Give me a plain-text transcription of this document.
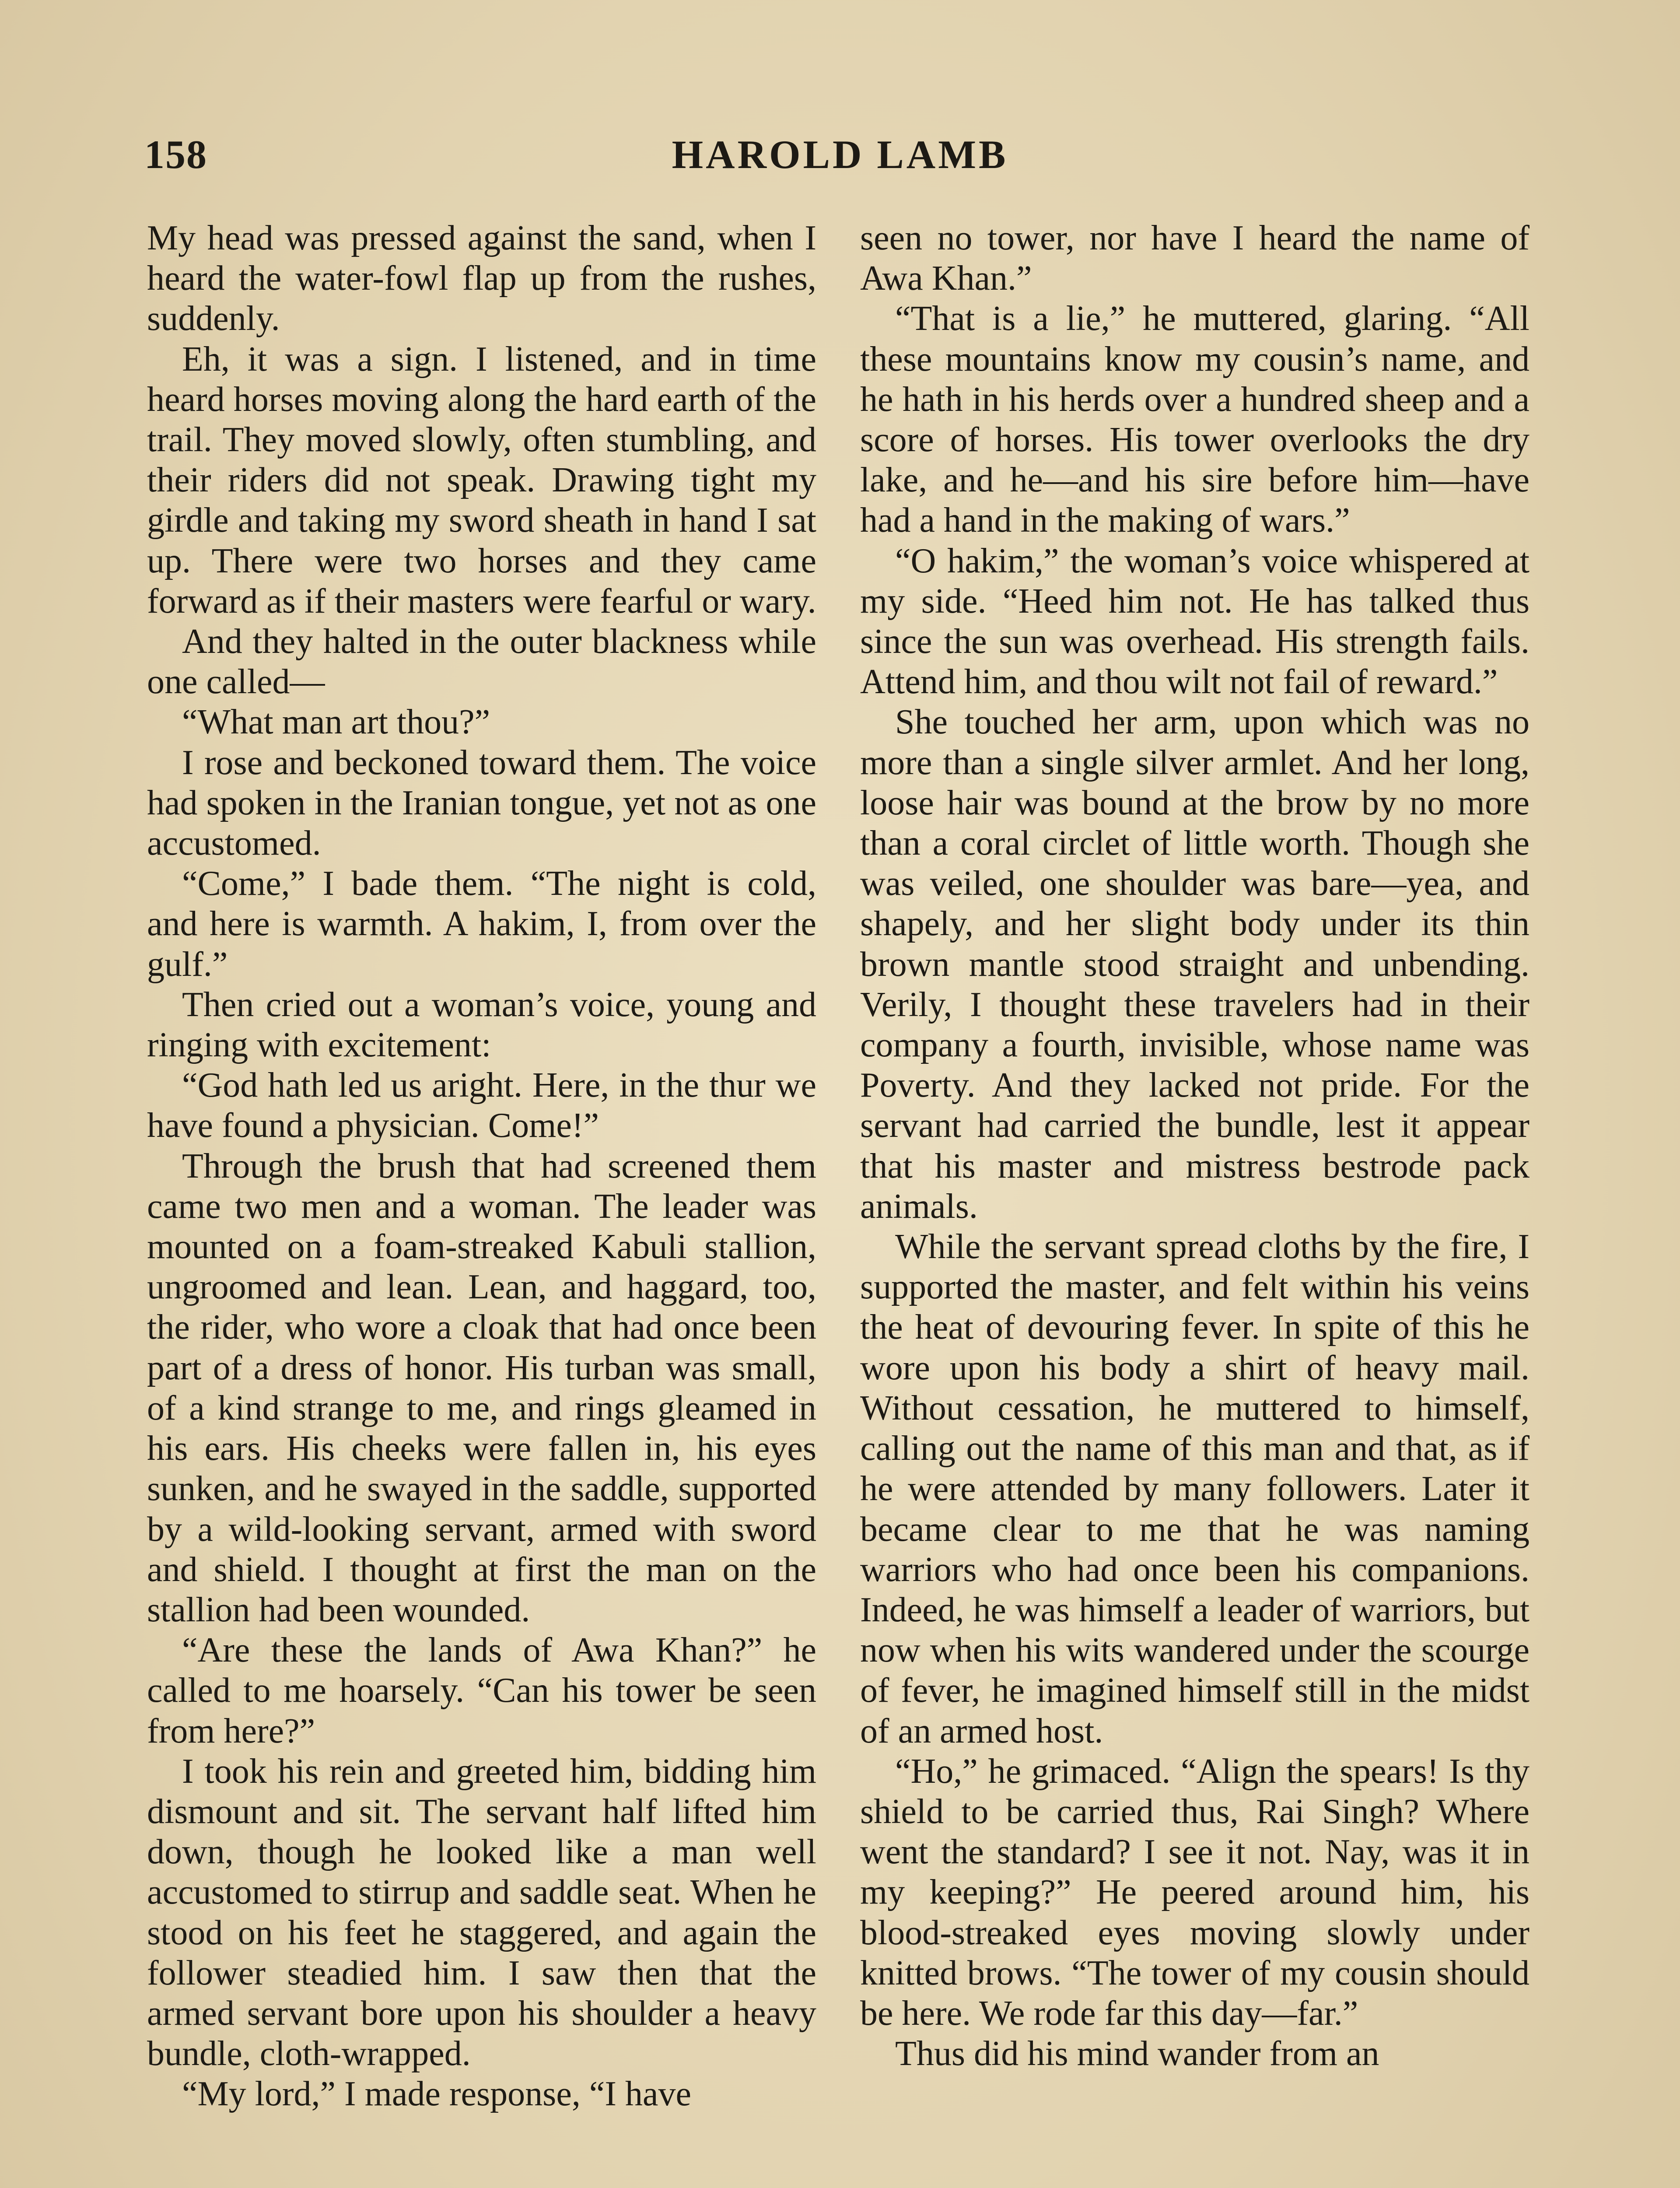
158	HAROLD LAMB

My head was pressed against the sand, when I heard the water-fowl flap up from the rushes, suddenly.

Eh, it was a sign. I listened, and in time heard horses moving along the hard earth of the trail. They moved slowly, often stumbling, and their riders did not speak. Drawing tight my girdle and taking my sword sheath in hand I sat up. There were two horses and they came forward as if their masters were fearful or wary.

And they halted in the outer blackness while one called—

“What man art thou?”

I rose and beckoned toward them. The voice had spoken in the Iranian tongue, yet not as one accustomed.

“Come,” I bade them. “The night is cold, and here is warmth. A hakim, I, from over the gulf.”

Then cried out a woman’s voice, young and ringing with excitement:

“God hath led us aright. Here, in the thur we have found a physician. Come!”

Through the brush that had screened them came two men and a woman. The leader was mounted on a foam-streaked Kabuli stallion, ungroomed and lean. Lean, and haggard, too, the rider, who wore a cloak that had once been part of a dress of honor. His turban was small, of a kind strange to me, and rings gleamed in his ears. His cheeks were fallen in, his eyes sunken, and he swayed in the saddle, supported by a wild-looking servant, armed with sword and shield. I thought at first the man on the stallion had been wounded.

“Are these the lands of Awa Khan?” he called to me hoarsely. “Can his tower be seen from here?”

I took his rein and greeted him, bidding him dismount and sit. The servant half lifted him down, though he looked like a man well accustomed to stirrup and saddle seat. When he stood on his feet he staggered, and again the follower steadied him. I saw then that the armed servant bore upon his shoulder a heavy bundle, cloth-wrapped.

“My lord,” I made response, “I have

seen no tower, nor have I heard the name of Awa Khan.”

“That is a lie,” he muttered, glaring. “All these mountains know my cousin’s name, and he hath in his herds over a hundred sheep and a score of horses. His tower overlooks the dry lake, and he—and his sire before him—have had a hand in the making of wars.”

“O hakim,” the woman’s voice whispered at my side. “Heed him not. He has talked thus since the sun was overhead. His strength fails. Attend him, and thou wilt not fail of reward.”

She touched her arm, upon which was no more than a single silver armlet. And her long, loose hair was bound at the brow by no more than a coral circlet of little worth. Though she was veiled, one shoulder was bare—yea, and shapely, and her slight body under its thin brown mantle stood straight and unbending. Verily, I thought these travelers had in their company a fourth, invisible, whose name was Poverty. And they lacked not pride. For the servant had carried the bundle, lest it appear that his master and mistress bestrode pack animals.

While the servant spread cloths by the fire, I supported the master, and felt within his veins the heat of devouring fever. In spite of this he wore upon his body a shirt of heavy mail. Without cessation, he muttered to himself, calling out the name of this man and that, as if he were attended by many followers. Later it became clear to me that he was naming warriors who had once been his companions. Indeed, he was himself a leader of warriors, but now when his wits wandered under the scourge of fever, he imagined himself still in the midst of an armed host.

“Ho,” he grimaced. “Align the spears! Is thy shield to be carried thus, Rai Singh? Where went the standard? I see it not. Nay, was it in my keeping?” He peered around him, his blood-streaked eyes moving slowly under knitted brows. “The tower of my cousin should be here. We rode far this day—far.”

Thus did his mind wander from an
